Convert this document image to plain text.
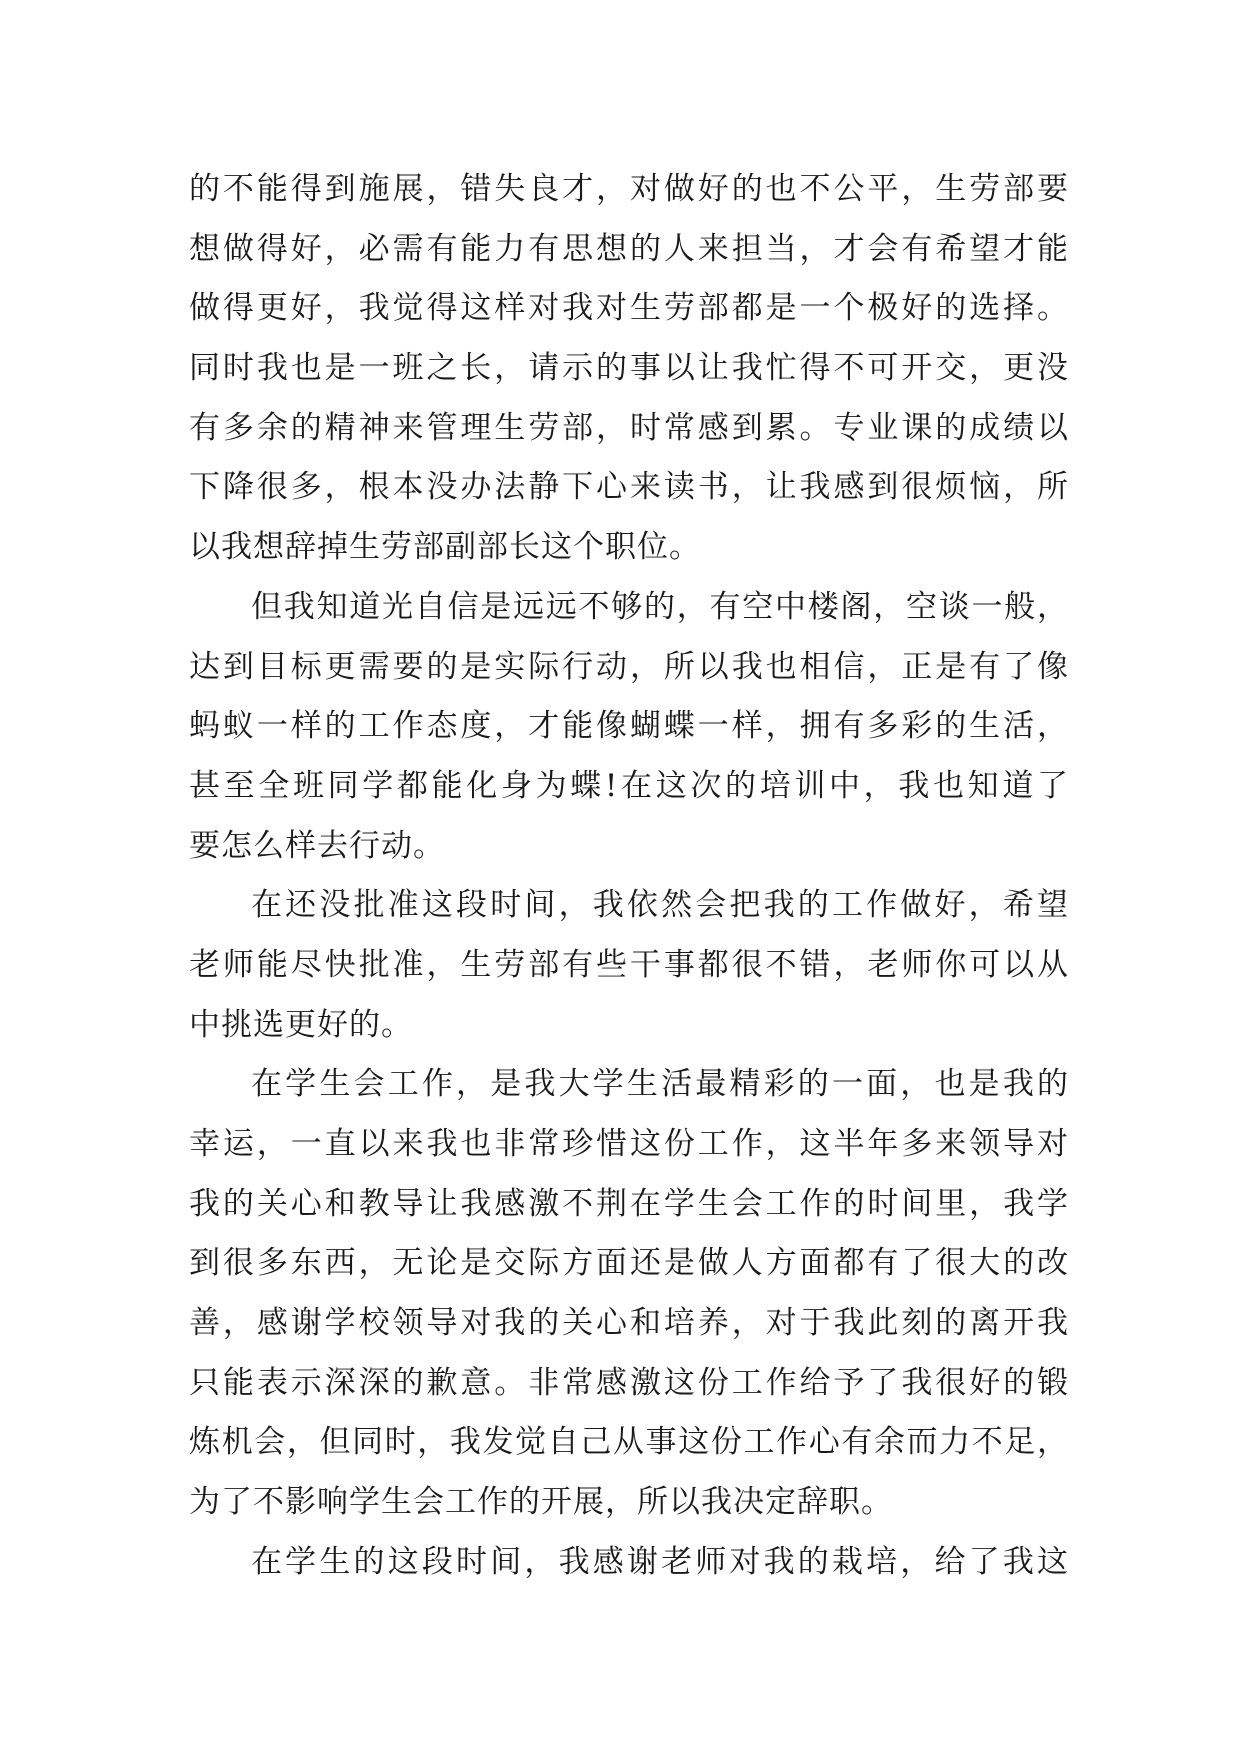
的不能得到施展，错失良才，对做好的也不公平，生劳部要
想做得好，必需有能力有思想的人来担当，才会有希望才能
做得更好，我觉得这样对我对生劳部都是一个极好的选择。
同时我也是一班之长，请示的事以让我忙得不可开交，更没
有多余的精神来管理生劳部，时常感到累。专业课的成绩以
下降很多，根本没办法静下心来读书，让我感到很烦恼，所
以我想辞掉生劳部副部长这个职位。
但我知道光自信是远远不够的，有空中楼阁，空谈一般，
达到目标更需要的是实际行动，所以我也相信，正是有了像
蚂蚁一样的工作态度，才能像蝴蝶一样，拥有多彩的生活，
甚至全班同学都能化身为蝶!在这次的培训中，我也知道了
要怎么样去行动。
在还没批准这段时间，我依然会把我的工作做好，希望
老师能尽快批准，生劳部有些干事都很不错，老师你可以从
中挑选更好的。
在学生会工作，是我大学生活最精彩的一面，也是我的
幸运，一直以来我也非常珍惜这份工作，这半年多来领导对
我的关心和教导让我感激不荆在学生会工作的时间里，我学
到很多东西，无论是交际方面还是做人方面都有了很大的改
善，感谢学校领导对我的关心和培养，对于我此刻的离开我
只能表示深深的歉意。非常感激这份工作给予了我很好的锻
炼机会，但同时，我发觉自己从事这份工作心有余而力不足，
为了不影响学生会工作的开展，所以我决定辞职。
在学生的这段时间，我感谢老师对我的栽培，给了我这
